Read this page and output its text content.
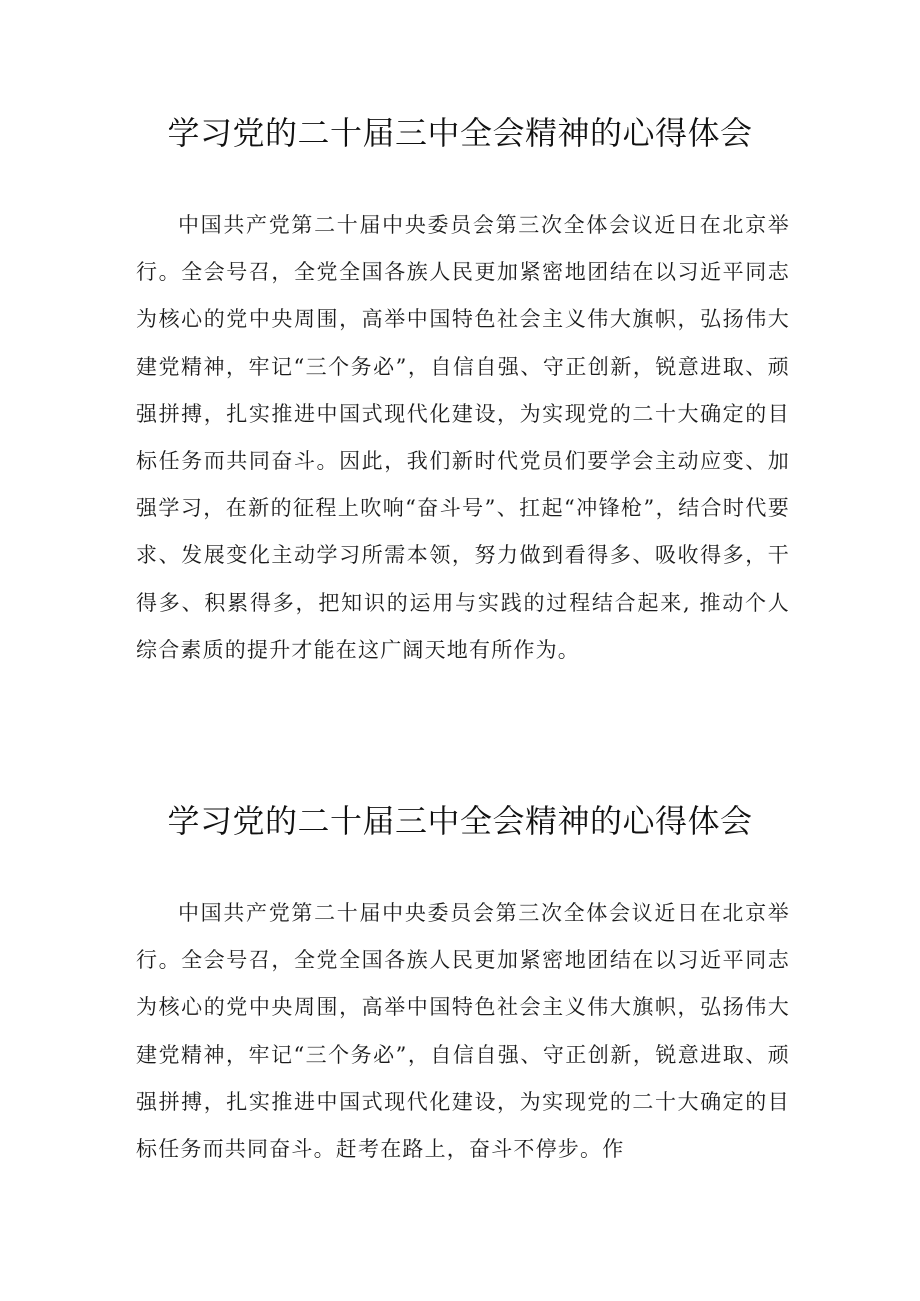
学习党的二十届三中全会精神的心得体会

中国共产党第二十届中央委员会第三次全体会议近日在北京举行。全会号召，全党全国各族人民更加紧密地团结在以习近平同志为核心的党中央周围，高举中国特色社会主义伟大旗帜，弘扬伟大建党精神，牢记“三个务必”，自信自强、守正创新，锐意进取、顽强拼搏，扎实推进中国式现代化建设，为实现党的二十大确定的目标任务而共同奋斗。因此，我们新时代党员们要学会主动应变、加强学习，在新的征程上吹响“奋斗号”、扛起“冲锋枪”，结合时代要求、发展变化主动学习所需本领，努力做到看得多、吸收得多，干得多、积累得多，把知识的运用与实践的过程结合起来, 推动个人综合素质的提升才能在这广阔天地有所作为。

学习党的二十届三中全会精神的心得体会

中国共产党第二十届中央委员会第三次全体会议近日在北京举行。全会号召，全党全国各族人民更加紧密地团结在以习近平同志为核心的党中央周围，高举中国特色社会主义伟大旗帜，弘扬伟大建党精神，牢记“三个务必”，自信自强、守正创新，锐意进取、顽强拼搏，扎实推进中国式现代化建设，为实现党的二十大确定的目标任务而共同奋斗。赶考在路上，奋斗不停步。作
